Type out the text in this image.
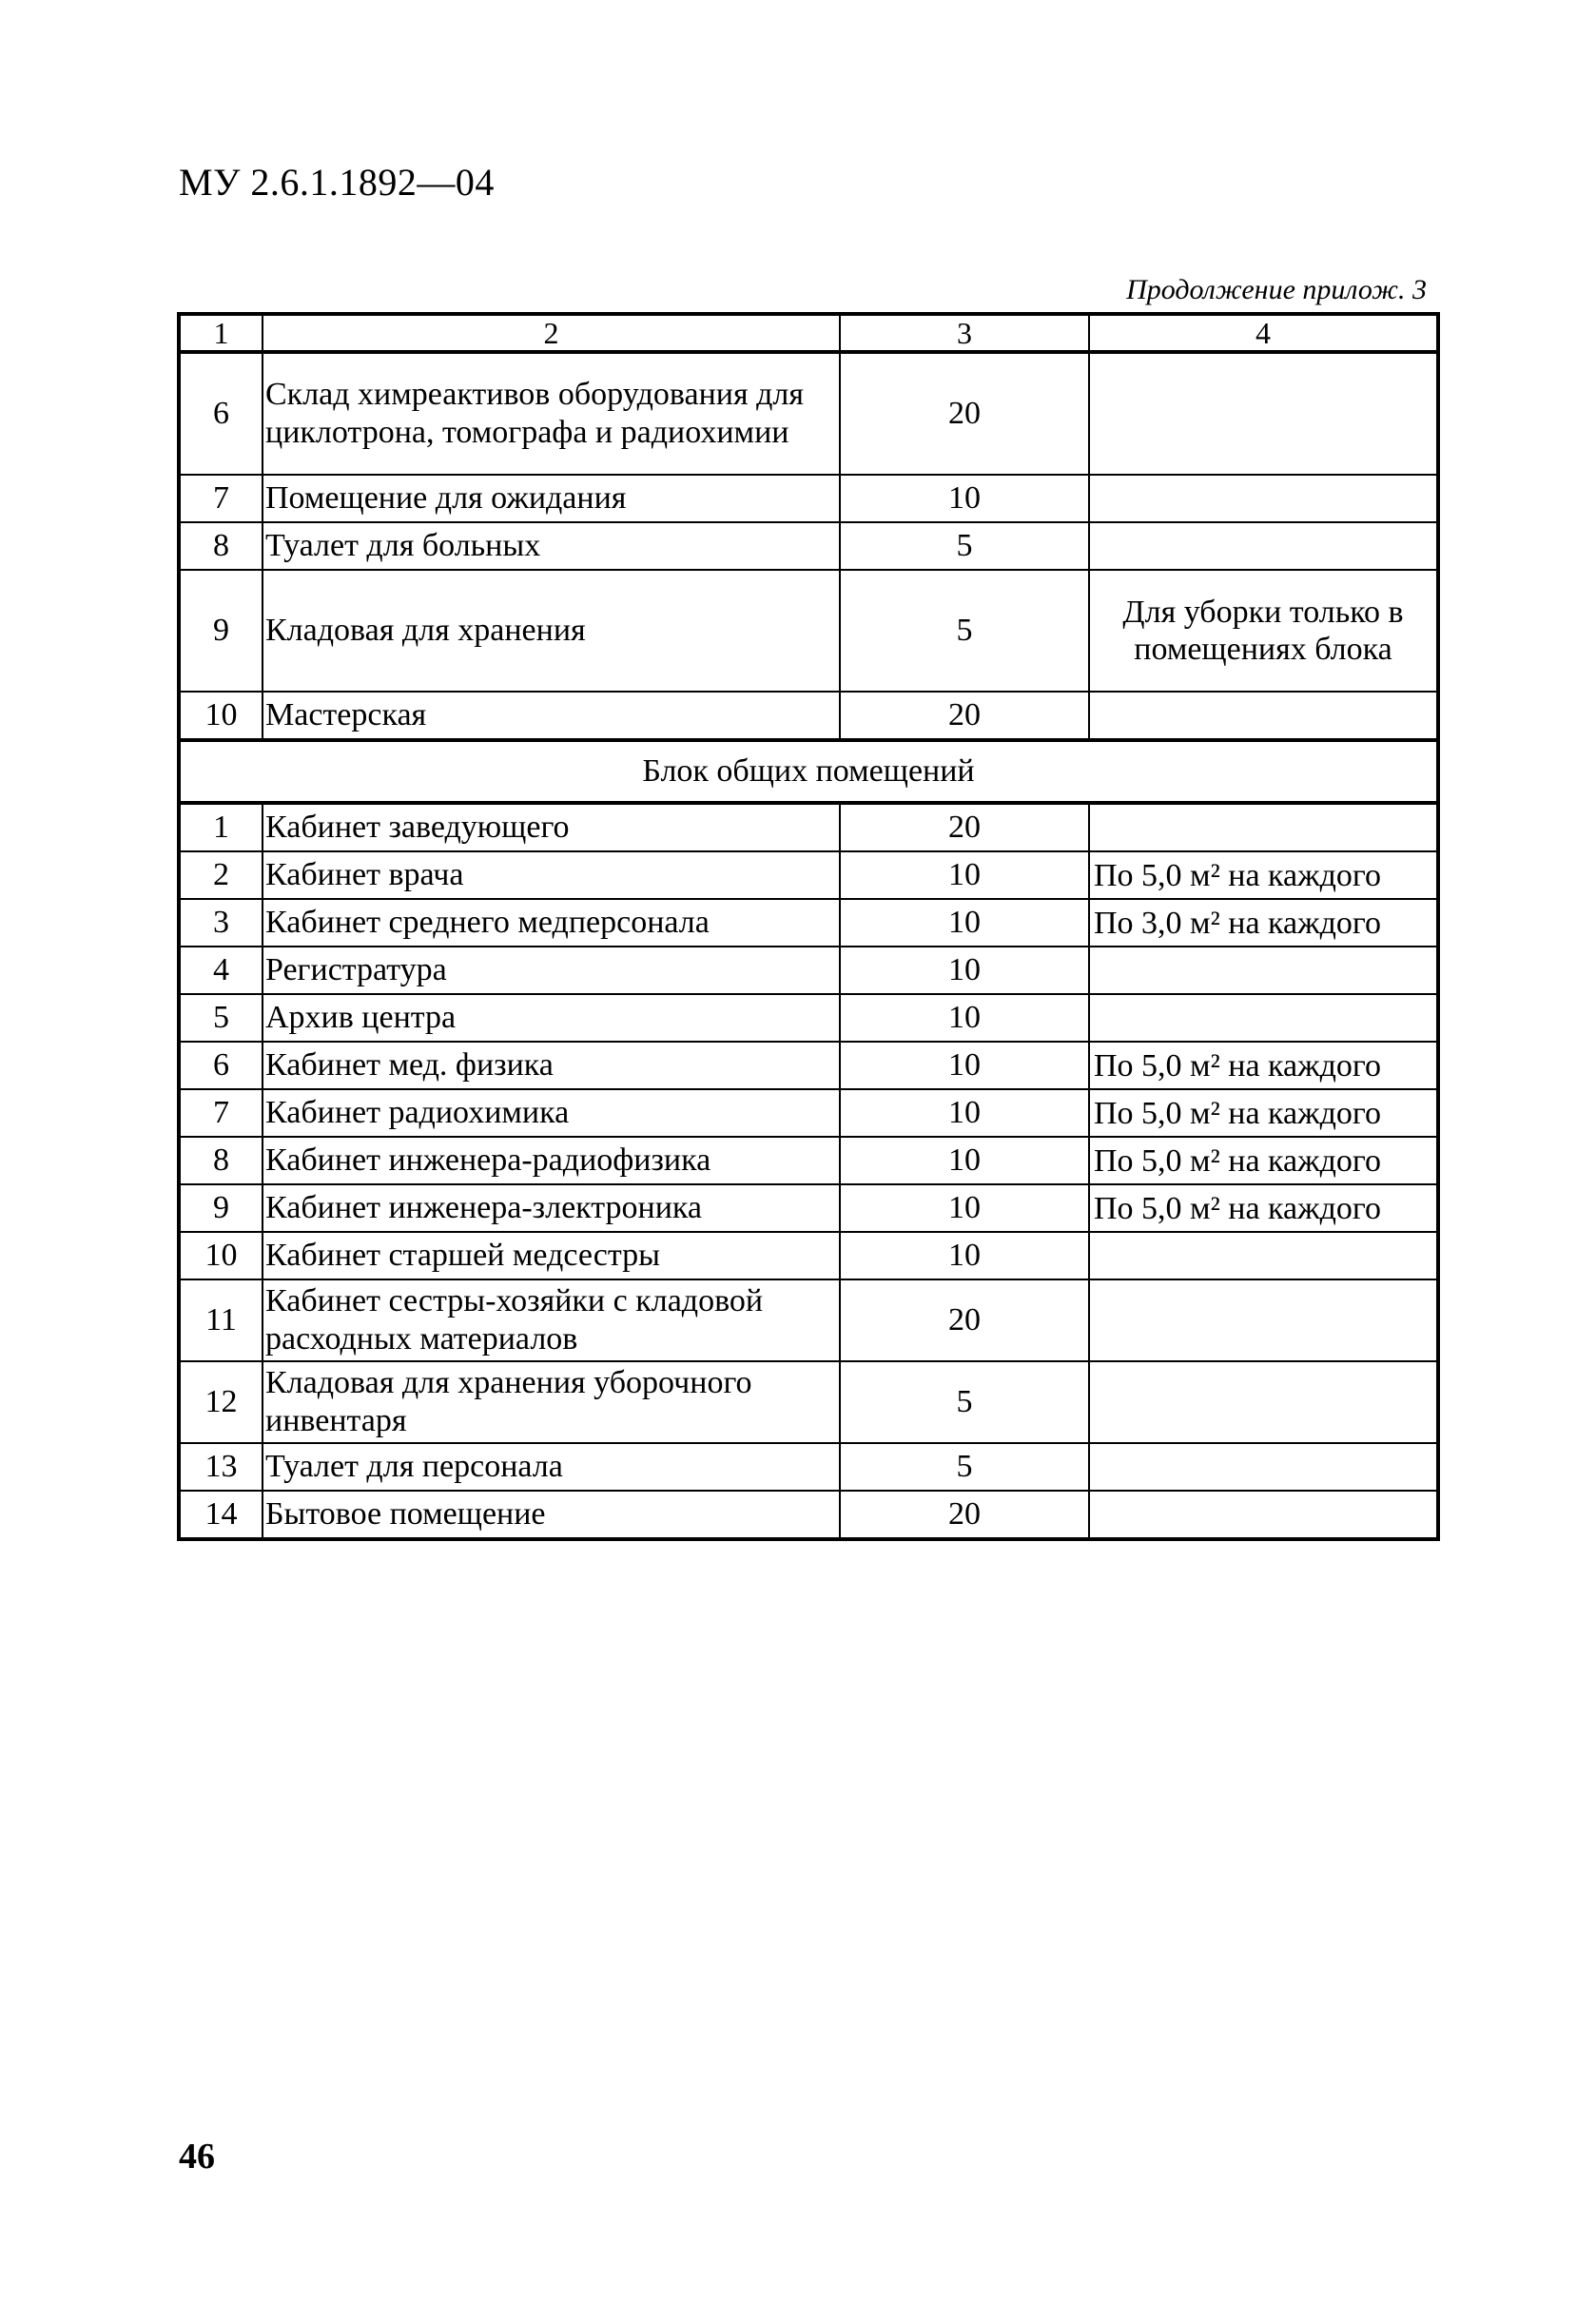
МУ 2.6.1.1892—04
Продолжение прилож. 3
1	2	3	4
6	Склад химреактивов оборудования для циклотрона, томографа и радиохимии	20	
7	Помещение для ожидания	10	
8	Туалет для больных	5	
9	Кладовая для хранения	5	Для уборки только в помещениях блока
10	Мастерская	20	
Блок общих помещений			
1	Кабинет заведующего	20	
2	Кабинет врача	10	По 5,0 м² на каждого
3	Кабинет среднего медперсонала	10	По 3,0 м² на каждого
4	Регистратура	10	
5	Архив центра	10	
6	Кабинет мед. физика	10	По 5,0 м² на каждого
7	Кабинет радиохимика	10	По 5,0 м² на каждого
8	Кабинет инженера-радиофизика	10	По 5,0 м² на каждого
9	Кабинет инженера-злектроника	10	По 5,0 м² на каждого
10	Кабинет старшей медсестры	10	
11	Кабинет сестры-хозяйки с кладовой расходных материалов	20	
12	Кладовая для хранения уборочного инвентаря	5	
13	Туалет для персонала	5	
14	Бытовое помещение	20	
46
